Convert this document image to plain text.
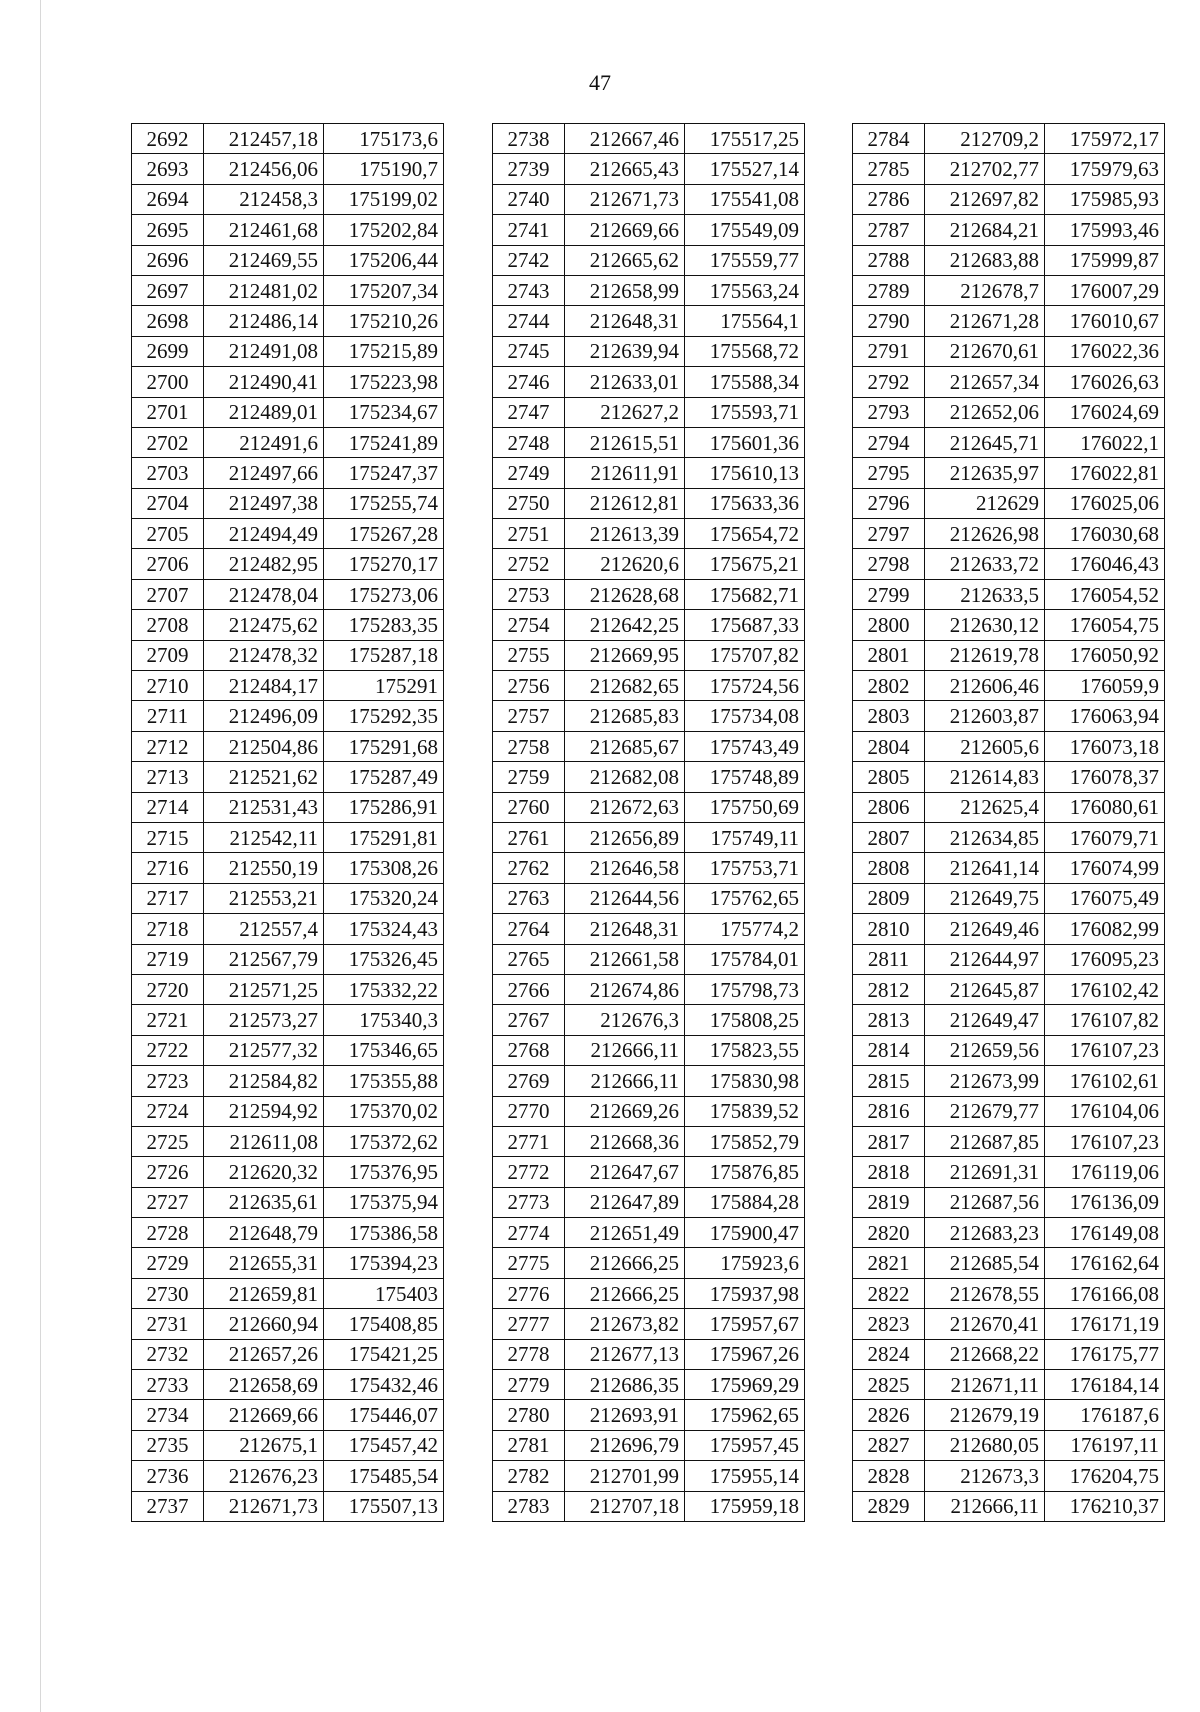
47
2692	212457,18	175173,6
2693	212456,06	175190,7
2694	212458,3	175199,02
2695	212461,68	175202,84
2696	212469,55	175206,44
2697	212481,02	175207,34
2698	212486,14	175210,26
2699	212491,08	175215,89
2700	212490,41	175223,98
2701	212489,01	175234,67
2702	212491,6	175241,89
2703	212497,66	175247,37
2704	212497,38	175255,74
2705	212494,49	175267,28
2706	212482,95	175270,17
2707	212478,04	175273,06
2708	212475,62	175283,35
2709	212478,32	175287,18
2710	212484,17	175291
2711	212496,09	175292,35
2712	212504,86	175291,68
2713	212521,62	175287,49
2714	212531,43	175286,91
2715	212542,11	175291,81
2716	212550,19	175308,26
2717	212553,21	175320,24
2718	212557,4	175324,43
2719	212567,79	175326,45
2720	212571,25	175332,22
2721	212573,27	175340,3
2722	212577,32	175346,65
2723	212584,82	175355,88
2724	212594,92	175370,02
2725	212611,08	175372,62
2726	212620,32	175376,95
2727	212635,61	175375,94
2728	212648,79	175386,58
2729	212655,31	175394,23
2730	212659,81	175403
2731	212660,94	175408,85
2732	212657,26	175421,25
2733	212658,69	175432,46
2734	212669,66	175446,07
2735	212675,1	175457,42
2736	212676,23	175485,54
2737	212671,73	175507,13
2738	212667,46	175517,25
2739	212665,43	175527,14
2740	212671,73	175541,08
2741	212669,66	175549,09
2742	212665,62	175559,77
2743	212658,99	175563,24
2744	212648,31	175564,1
2745	212639,94	175568,72
2746	212633,01	175588,34
2747	212627,2	175593,71
2748	212615,51	175601,36
2749	212611,91	175610,13
2750	212612,81	175633,36
2751	212613,39	175654,72
2752	212620,6	175675,21
2753	212628,68	175682,71
2754	212642,25	175687,33
2755	212669,95	175707,82
2756	212682,65	175724,56
2757	212685,83	175734,08
2758	212685,67	175743,49
2759	212682,08	175748,89
2760	212672,63	175750,69
2761	212656,89	175749,11
2762	212646,58	175753,71
2763	212644,56	175762,65
2764	212648,31	175774,2
2765	212661,58	175784,01
2766	212674,86	175798,73
2767	212676,3	175808,25
2768	212666,11	175823,55
2769	212666,11	175830,98
2770	212669,26	175839,52
2771	212668,36	175852,79
2772	212647,67	175876,85
2773	212647,89	175884,28
2774	212651,49	175900,47
2775	212666,25	175923,6
2776	212666,25	175937,98
2777	212673,82	175957,67
2778	212677,13	175967,26
2779	212686,35	175969,29
2780	212693,91	175962,65
2781	212696,79	175957,45
2782	212701,99	175955,14
2783	212707,18	175959,18
2784	212709,2	175972,17
2785	212702,77	175979,63
2786	212697,82	175985,93
2787	212684,21	175993,46
2788	212683,88	175999,87
2789	212678,7	176007,29
2790	212671,28	176010,67
2791	212670,61	176022,36
2792	212657,34	176026,63
2793	212652,06	176024,69
2794	212645,71	176022,1
2795	212635,97	176022,81
2796	212629	176025,06
2797	212626,98	176030,68
2798	212633,72	176046,43
2799	212633,5	176054,52
2800	212630,12	176054,75
2801	212619,78	176050,92
2802	212606,46	176059,9
2803	212603,87	176063,94
2804	212605,6	176073,18
2805	212614,83	176078,37
2806	212625,4	176080,61
2807	212634,85	176079,71
2808	212641,14	176074,99
2809	212649,75	176075,49
2810	212649,46	176082,99
2811	212644,97	176095,23
2812	212645,87	176102,42
2813	212649,47	176107,82
2814	212659,56	176107,23
2815	212673,99	176102,61
2816	212679,77	176104,06
2817	212687,85	176107,23
2818	212691,31	176119,06
2819	212687,56	176136,09
2820	212683,23	176149,08
2821	212685,54	176162,64
2822	212678,55	176166,08
2823	212670,41	176171,19
2824	212668,22	176175,77
2825	212671,11	176184,14
2826	212679,19	176187,6
2827	212680,05	176197,11
2828	212673,3	176204,75
2829	212666,11	176210,37
